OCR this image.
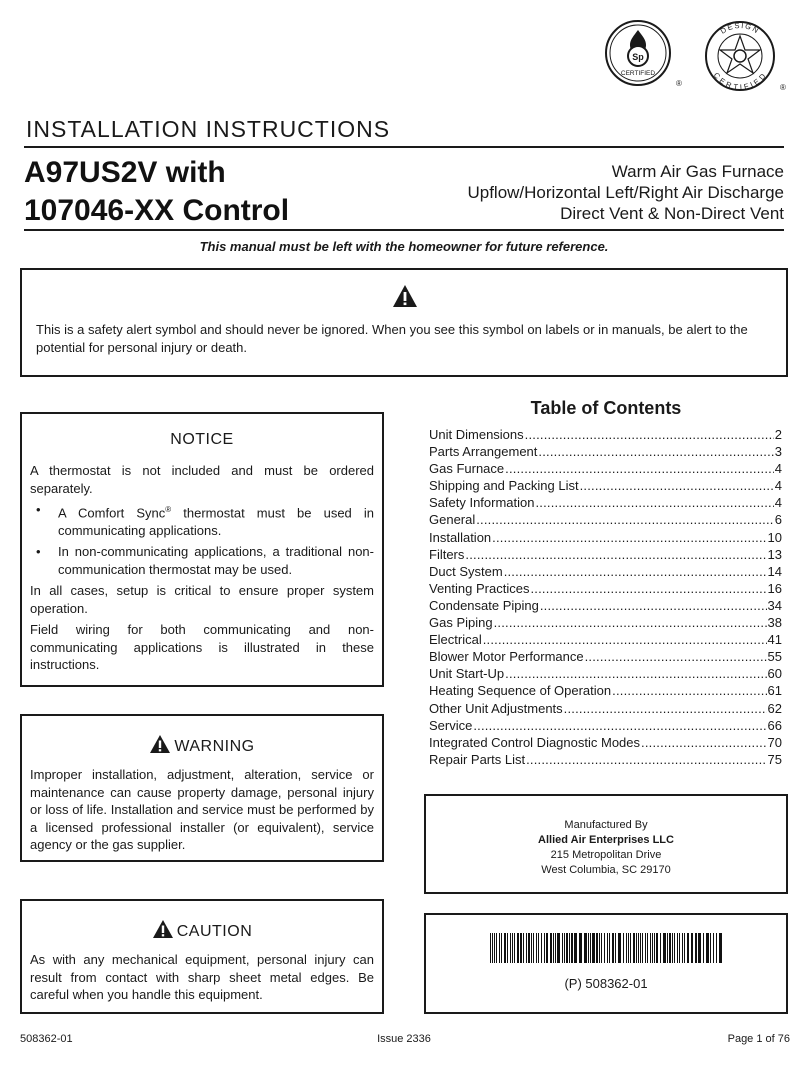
Sp
CERTIFIED
®
DESIGN
CERTIFIED
®
INSTALLATION INSTRUCTIONS
A97US2V with
107046-XX Control
Warm Air Gas Furnace
Upflow/Horizontal Left/Right Air Discharge
Direct Vent & Non-Direct Vent
This manual must be left with the homeowner for future reference.
This is a safety alert symbol and should never be ignored. When you see this symbol on labels or in manuals, be alert to the potential for personal injury or death.
NOTICE

A thermostat is not included and must be ordered separately.

•	A Comfort Sync® thermostat must be used in communicating applications.
•	In non-communicating applications, a traditional non-communication thermostat may be used.

In all cases, setup is critical to ensure proper system operation.

Field wiring for both communicating and non-communicating applications is illustrated in these instructions.

WARNING
Improper installation, adjustment, alteration, service or maintenance can cause property damage, personal injury or loss of life. Installation and service must be performed by a licensed professional installer (or equivalent), service agency or the gas supplier.
CAUTION
As with any mechanical equipment, personal injury can result from contact with sharp sheet metal edges. Be careful when you handle this equipment.
Table of Contents
Unit Dimensions .....	2
Parts Arrangement .....	3
Gas Furnace .....	4
Shipping and Packing List .....	4
Safety Information .....	4
General .....	6
Installation .....	10
Filters .....	13
Duct System .....	14
Venting Practices .....	16
Condensate Piping .....	34
Gas Piping .....	38
Electrical .....	41
Blower Motor Performance .....	55
Unit Start-Up .....	60
Heating Sequence of Operation .....	61
Other Unit Adjustments .....	62
Service .....	66
Integrated Control Diagnostic Modes .....	70
Repair Parts List .....	75
Manufactured By
Allied Air Enterprises LLC
215 Metropolitan Drive
West Columbia, SC 29170
(P) 508362-01
508362-01	Issue 2336	Page 1 of 76
